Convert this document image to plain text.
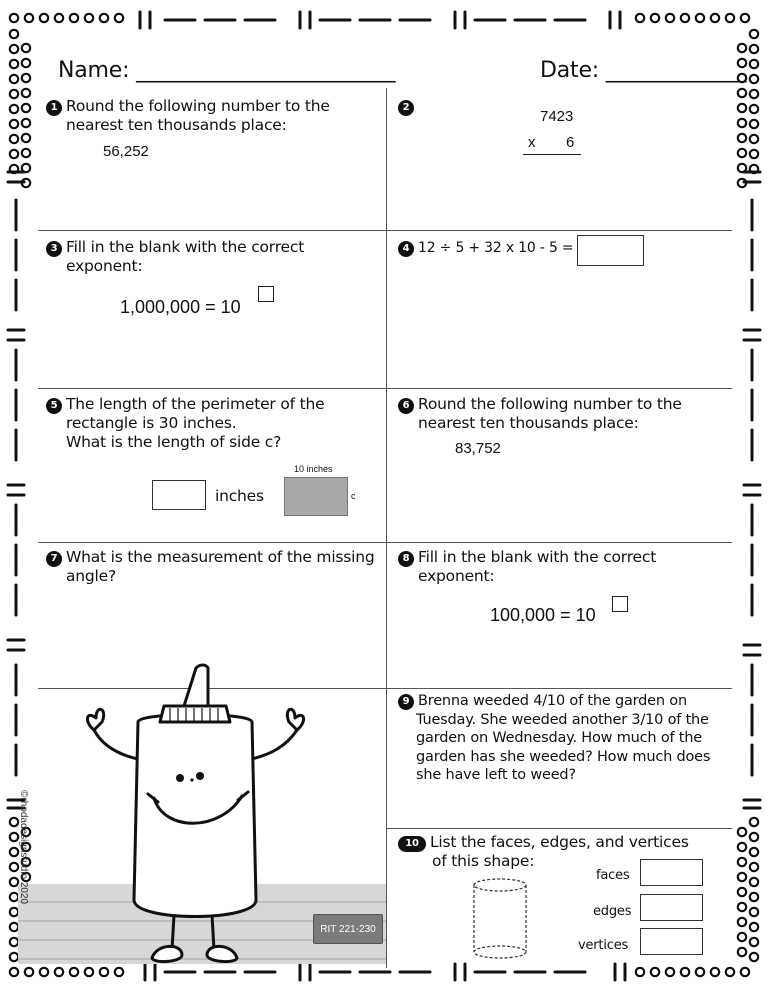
Name: ________________________	Date: _____________
1 Round the following number to the
nearest ten thousands place:
56,252
2
7423
x 6
3 Fill in the blank with the correct
exponent:
1,000,000 = 10
4 12 ÷ 5 + 32 x 10 - 5 =
5 The length of the perimeter of the
rectangle is 30 inches.
What is the length of side c?
inches
10 inches
c
6 Round the following number to the
nearest ten thousands place:
83,752
7 What is the measurement of the missing
angle?
8 Fill in the blank with the correct
exponent:
100,000 = 10
9 Brenna weeded 4/10 of the garden on
Tuesday. She weeded another 3/10 of the
garden on Wednesday. How much of the
garden has she weeded? How much does
she have left to weed?
10 List the faces, edges, and vertices
of this shape:
faces
edges
vertices
RIT 221-230
©rhodadesignstudio 2020
